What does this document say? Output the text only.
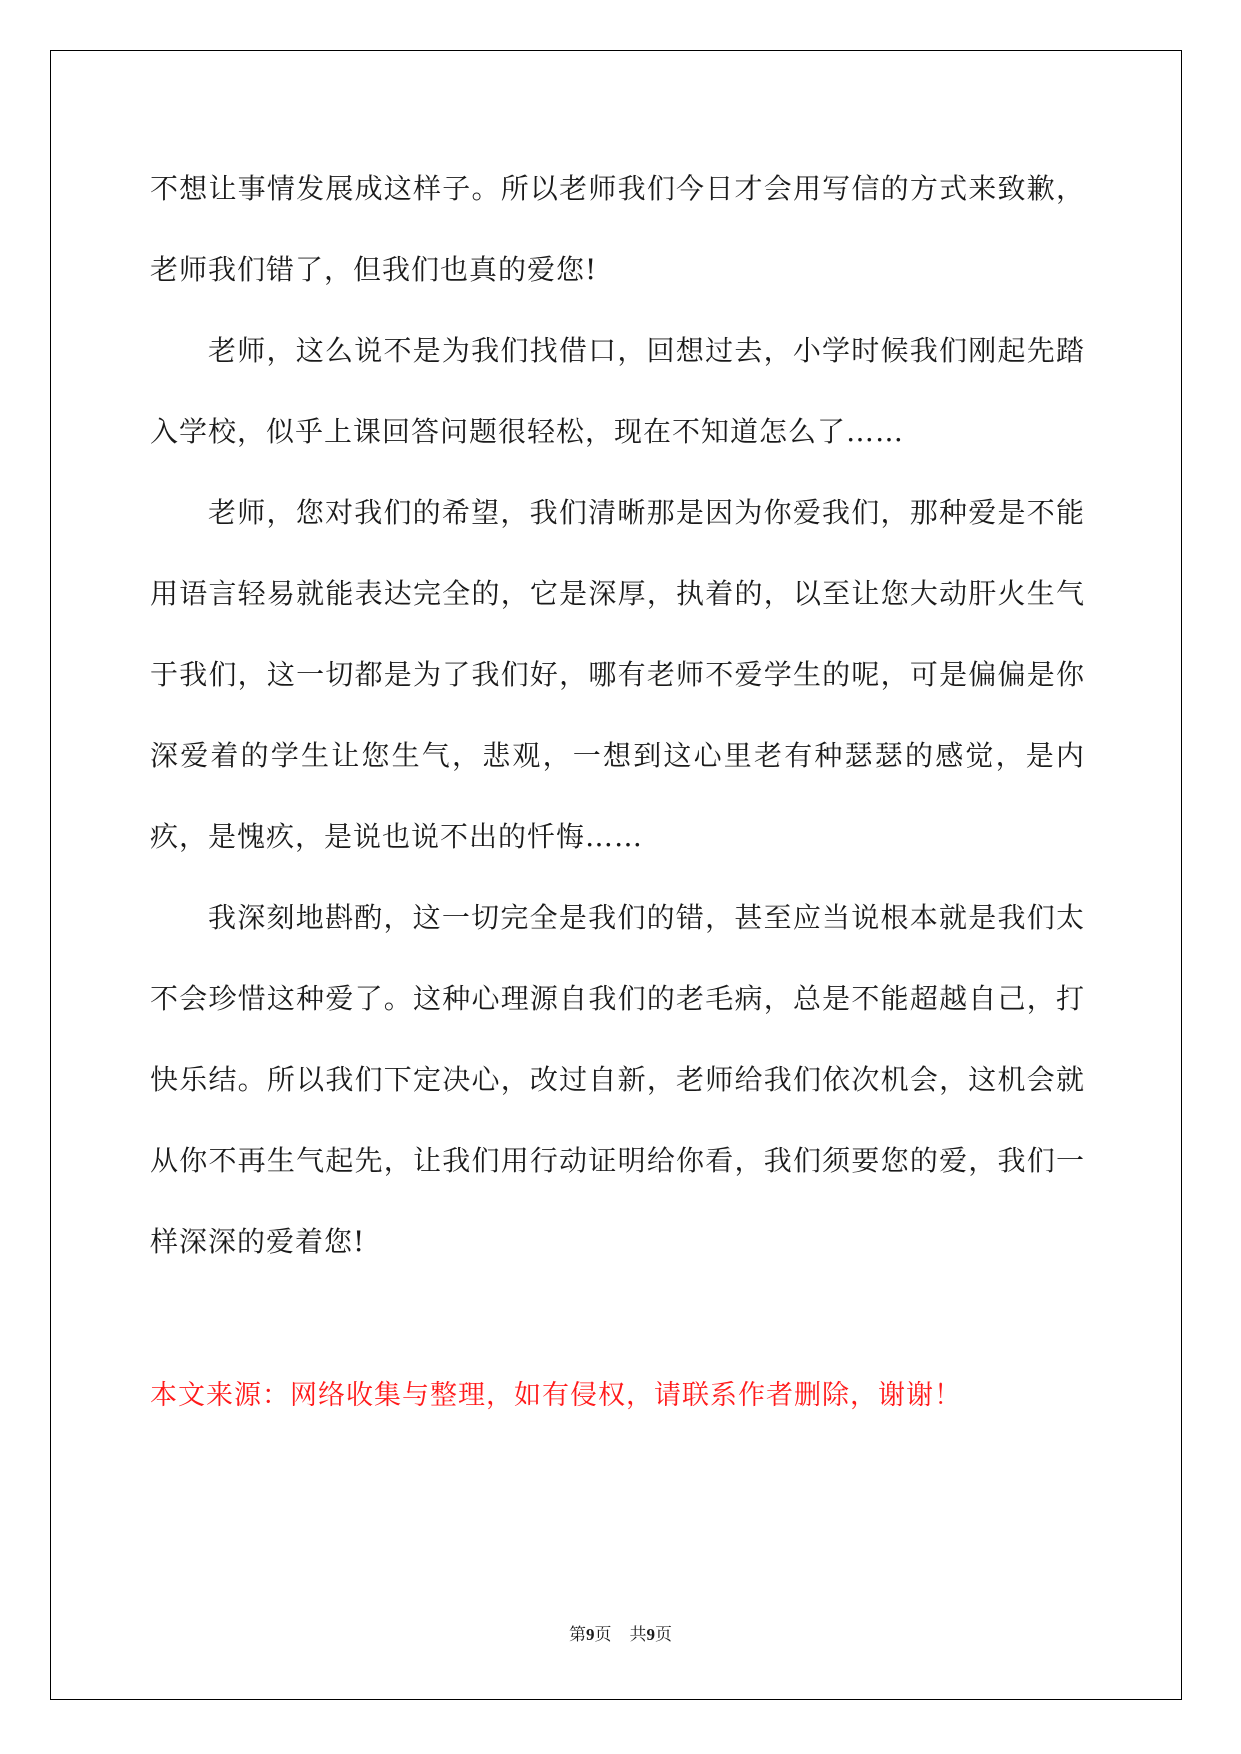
不想让事情发展成这样子。所以老师我们今日才会用写信的方式来致歉，老师我们错了，但我们也真的爱您!

老师，这么说不是为我们找借口，回想过去，小学时候我们刚起先踏入学校，似乎上课回答问题很轻松，现在不知道怎么了……

老师，您对我们的希望，我们清晰那是因为你爱我们，那种爱是不能用语言轻易就能表达完全的，它是深厚，执着的，以至让您大动肝火生气于我们，这一切都是为了我们好，哪有老师不爱学生的呢，可是偏偏是你深爱着的学生让您生气，悲观，一想到这心里老有种瑟瑟的感觉，是内疚，是愧疚，是说也说不出的忏悔……

我深刻地斟酌，这一切完全是我们的错，甚至应当说根本就是我们太不会珍惜这种爱了。这种心理源自我们的老毛病，总是不能超越自己，打快乐结。所以我们下定决心，改过自新，老师给我们依次机会，这机会就从你不再生气起先，让我们用行动证明给你看，我们须要您的爱，我们一样深深的爱着您!

本文来源：网络收集与整理，如有侵权，请联系作者删除，谢谢！

第9页 共9页
